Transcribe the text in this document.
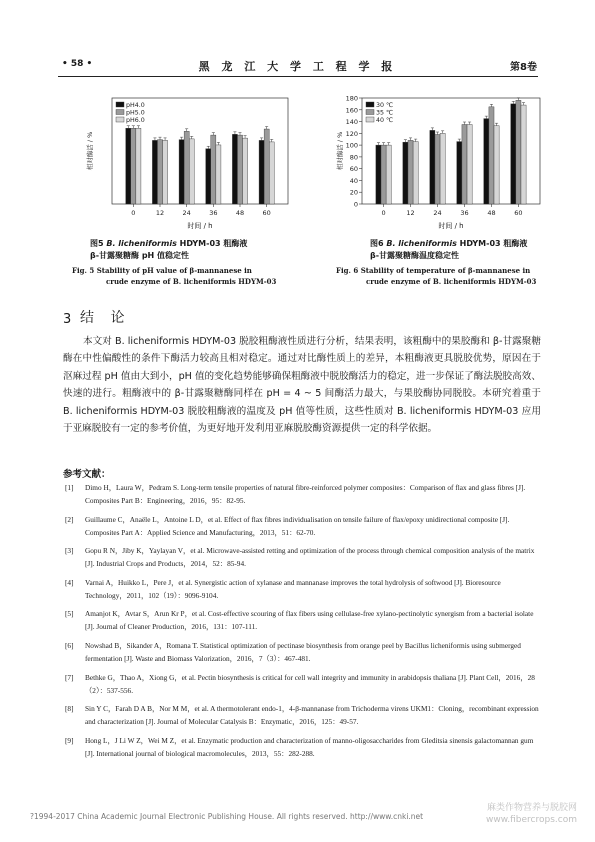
• 58 •	黑 龙 江 大 学 工 程 学 报	第8卷
相对酶活 / %
0	12	24	36	48	60
时间 / h
pH4.0
pH5.0
pH6.0
0
20
40
60
80
100
120
140
160
180
相对酶活 / %
0	12	24	36	48	60
时间 / h
30 ℃
35 ℃
40 ℃
图5 B. licheniformis HDYM-03 粗酶液
β-甘露聚糖酶 pH 值稳定性
Fig. 5 Stability of pH value of β-mannanese in
crude enzyme of B. licheniformis HDYM-03
图6 B. licheniformis HDYM-03 粗酶液
β-甘露聚糖酶温度稳定性
Fig. 6 Stability of temperature of β-mannanese in
crude enzyme of B. licheniformis HDYM-03
3 结 论
本文对 B. licheniformis HDYM-03 脱胶粗酶液性质进行分析，结果表明，该粗酶中的果胶酶和 β-甘露聚糖酶在中性偏酸性的条件下酶活力较高且相对稳定。通过对比酶性质上的差异，本粗酶液更具脱胶优势，原因在于沤麻过程 pH 值由大到小，pH 值的变化趋势能够确保粗酶液中脱胶酶活力的稳定，进一步保证了酶法脱胶高效、快速的进行。粗酶液中的 β-甘露聚糖酶同样在 pH = 4 ~ 5 间酶活力最大，与果胶酶协同脱胶。本研究着重于 B. licheniformis HDYM-03 脱胶粗酶液的温度及 pH 值等性质，这些性质对 B. licheniformis HDYM-03 应用于亚麻脱胶有一定的参考价值，为更好地开发利用亚麻脱胶酶资源提供一定的科学依据。
参考文献：
[1] Dimo H，Laura W，Pedram S. Long-term tensile properties of natural fibre-reinforced polymer composites：Comparison of flax and glass fibres [J]. Composites Part B：Engineering，2016，95：82-95.
[2] Guillaume C，Anaële L，Antoine L D，et al. Effect of flax fibres individualisation on tensile failure of flax/epoxy unidirectional composite [J]. Composites Part A：Applied Science and Manufacturing，2013，51：62-70.
[3] Gopu R N，Jiby K，Yaylayan V，et al. Microwave-assisted retting and optimization of the process through chemical composition analysis of the matrix [J]. Industrial Crops and Products，2014，52：85-94.
[4] Varnai A，Huikko L，Pere J，et al. Synergistic action of xylanase and mannanase improves the total hydrolysis of softwood [J]. Bioresource Technology，2011，102（19）：9096-9104.
[5] Amanjot K，Avtar S，Arun Kr P，et al. Cost-effective scouring of flax fibers using cellulase-free xylano-pectinolytic synergism from a bacterial isolate [J]. Journal of Cleaner Production，2016，131：107-111.
[6] Nowshad B，Sikander A，Romana T. Statistical optimization of pectinase biosynthesis from orange peel by Bacillus licheniformis using submerged fermentation [J]. Waste and Biomass Valorization，2016，7（3）：467-481.
[7] Bethke G，Thao A，Xiong G，et al. Pectin biosynthesis is critical for cell wall integrity and immunity in arabidopsis thaliana [J]. Plant Cell，2016，28（2）：537-556.
[8] Sin Y C，Farah D A B，Nor M M，et al. A thermotolerant endo-1，4-β-mannanase from Trichoderma virens UKM1：Cloning，recombinant expression and characterization [J]. Journal of Molecular Catalysis B：Enzymatic，2016，125：49-57.
[9] Hong L，J Li W Z，Wei M Z，et al. Enzymatic production and characterization of manno-oligosaccharides from Gleditsia sinensis galactomannan gum [J]. International journal of biological macromolecules，2013，55：282-288.
?1994-2017 China Academic Journal Electronic Publishing House. All rights reserved. http://www.cnki.net
麻类作物营养与脱胶网
www.fibercrops.com
